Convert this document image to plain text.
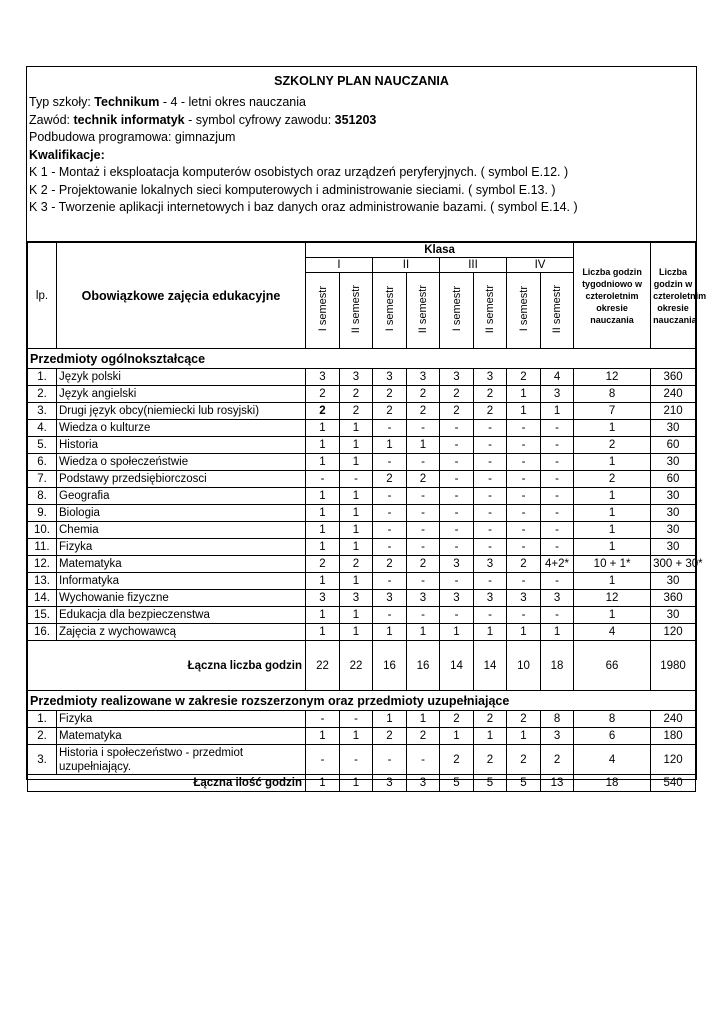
SZKOLNY PLAN NAUCZANIA
Typ szkoły: Technikum - 4 - letni okres nauczania
Zawód: technik informatyk - symbol cyfrowy zawodu: 351203
Podbudowa programowa: gimnazjum
Kwalifikacje:
K 1 - Montaż i eksploatacja komputerów osobistych oraz urządzeń peryferyjnych. ( symbol E.12. )
K 2 - Projektowanie lokalnych sieci komputerowych i administrowanie sieciami. ( symbol E.13. )
K 3 - Tworzenie aplikacji internetowych i baz danych oraz administrowanie bazami. ( symbol E.14. )
lp.	Obowiązkowe zajęcia edukacyjne	Klasa								Liczba godzin tygodniowo w czteroletnim okresie nauczania	Liczba godzin w czteroletnim okresie nauczania
		I		II		III		IV			
		I semestr	II semestr	I semestr	II semestr	I semestr	II semestr	I semestr	II semestr		
Przedmioty ogólnokształcące											
1.	Język polski	3	3	3	3	3	3	2	4	12	360
2.	Język angielski	2	2	2	2	2	2	1	3	8	240
3.	Drugi język obcy(niemiecki lub rosyjski)	2	2	2	2	2	2	1	1	7	210
4.	Wiedza o kulturze	1	1	-	-	-	-	-	-	1	30
5.	Historia	1	1	1	1	-	-	-	-	2	60
6.	Wiedza o społeczeństwie	1	1	-	-	-	-	-	-	1	30
7.	Podstawy przedsiębiorczosci	-	-	2	2	-	-	-	-	2	60
8.	Geografia	1	1	-	-	-	-	-	-	1	30
9.	Biologia	1	1	-	-	-	-	-	-	1	30
10.	Chemia	1	1	-	-	-	-	-	-	1	30
11.	Fizyka	1	1	-	-	-	-	-	-	1	30
12.	Matematyka	2	2	2	2	3	3	2	4+2*	10 + 1*	300 + 30*
13.	Informatyka	1	1	-	-	-	-	-	-	1	30
14.	Wychowanie fizyczne	3	3	3	3	3	3	3	3	12	360
15.	Edukacja dla bezpieczenstwa	1	1	-	-	-	-	-	-	1	30
16.	Zajęcia z wychowawcą	1	1	1	1	1	1	1	1	4	120
Łączna liczba godzin		22	22	16	16	14	14	10	18	66	1980
Przedmioty realizowane w zakresie rozszerzonym oraz przedmioty uzupełniające											
1.	Fizyka	-	-	1	1	2	2	2	8	8	240
2.	Matematyka	1	1	2	2	1	1	1	3	6	180
3.	Historia i społeczeństwo - przedmiot uzupełniający.	-	-	-	-	2	2	2	2	4	120
Łączna ilość godzin		1	1	3	3	5	5	5	13	18	540
